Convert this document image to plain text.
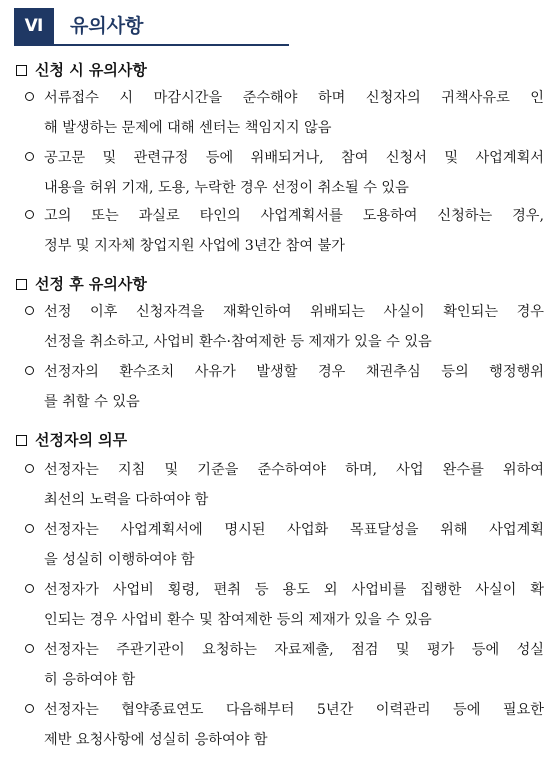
Ⅵ	유의사항
신청 시 유의사항
서류접수 시 마감시간을 준수해야 하며 신청자의 귀책사유로 인
해 발생하는 문제에 대해 센터는 책임지지 않음
공고문 및 관련규정 등에 위배되거나, 참여 신청서 및 사업계획서
내용을 허위 기재, 도용, 누락한 경우 선정이 취소될 수 있음
고의 또는 과실로 타인의 사업계획서를 도용하여 신청하는 경우,
정부 및 지자체 창업지원 사업에 3년간 참여 불가
선정 후 유의사항
선정 이후 신청자격을 재확인하여 위배되는 사실이 확인되는 경우
선정을 취소하고, 사업비 환수·참여제한 등 제재가 있을 수 있음
선정자의 환수조치 사유가 발생할 경우 채권추심 등의 행정행위
를 취할 수 있음
선정자의 의무
선정자는 지침 및 기준을 준수하여야 하며, 사업 완수를 위하여
최선의 노력을 다하여야 함
선정자는 사업계획서에 명시된 사업화 목표달성을 위해 사업계획
을 성실히 이행하여야 함
선정자가 사업비 횡령, 편취 등 용도 외 사업비를 집행한 사실이 확
인되는 경우 사업비 환수 및 참여제한 등의 제재가 있을 수 있음
선정자는 주관기관이 요청하는 자료제출, 점검 및 평가 등에 성실
히 응하여야 함
선정자는 협약종료연도 다음해부터 5년간 이력관리 등에 필요한
제반 요청사항에 성실히 응하여야 함
